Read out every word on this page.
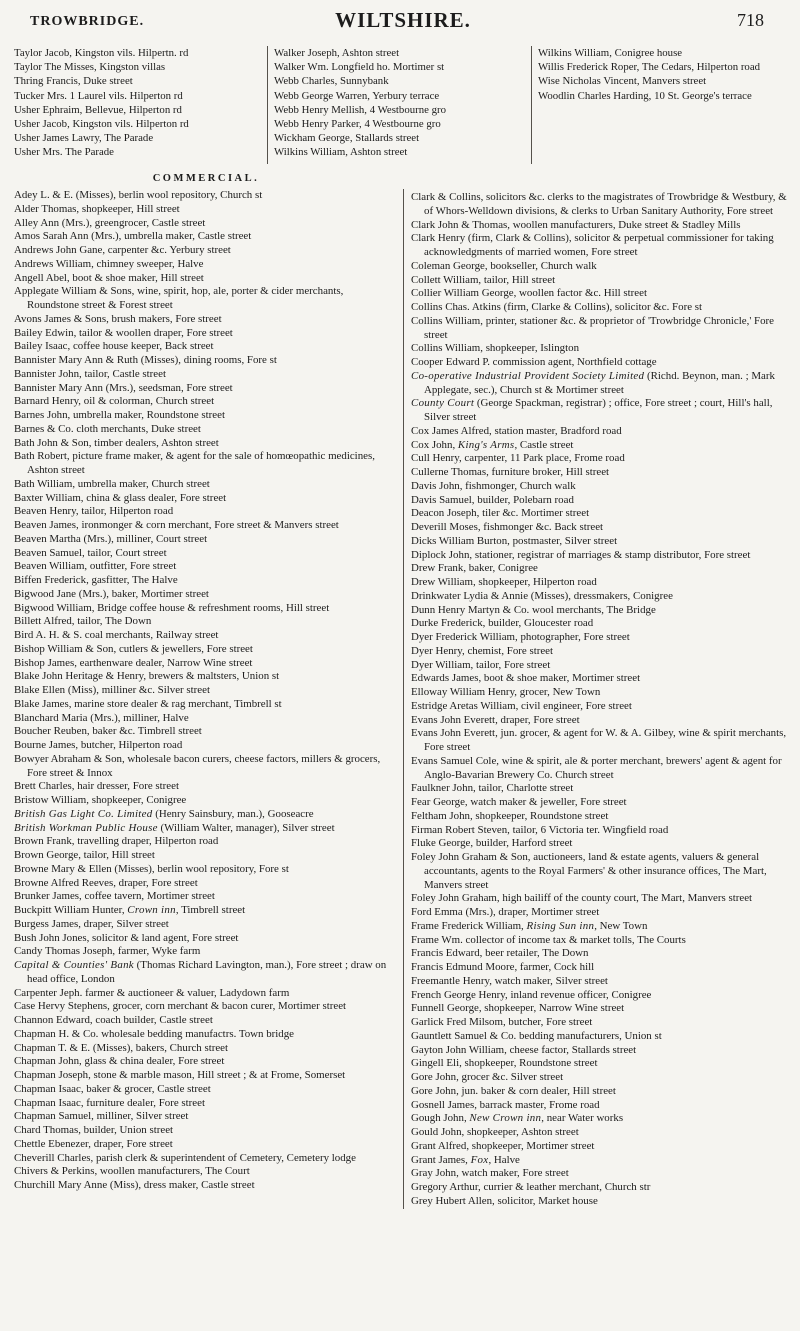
TROWBRIDGE.	WILTSHIRE.	718
Taylor Jacob, Kingston vils. Hilpertn. rd
Taylor The Misses, Kingston villas
Thring Francis, Duke street
Tucker Mrs. 1 Laurel vils. Hilperton rd
Usher Ephraim, Bellevue, Hilperton rd
Usher Jacob, Kingston vils. Hilperton rd
Usher James Lawry, The Parade
Usher Mrs. The Parade
Walker Joseph, Ashton street
Walker Wm. Longfield ho. Mortimer st
Webb Charles, Sunnybank
Webb George Warren, Yerbury terrace
Webb Henry Mellish, 4 Westbourne gro
Webb Henry Parker, 4 Westbourne gro
Wickham George, Stallards street
Wilkins William, Ashton street
Wilkins William, Conigree house
Willis Frederick Roper, The Cedars, Hilperton road
Wise Nicholas Vincent, Manvers street
Woodlin Charles Harding, 10 St. George's terrace
COMMERCIAL.
Adey L. & E. (Misses), berlin wool repository, Church st
Alder Thomas, shopkeeper, Hill street
Alley Ann (Mrs.), greengrocer, Castle street
Amos Sarah Ann (Mrs.), umbrella maker, Castle street
Andrews John Gane, carpenter &c. Yerbury street
Andrews William, chimney sweeper, Halve
Angell Abel, boot & shoe maker, Hill street
Applegate William & Sons, wine, spirit, hop, ale, porter & cider merchants, Roundstone street & Forest street
Avons James & Sons, brush makers, Fore street
Bailey Edwin, tailor & woollen draper, Fore street
Bailey Isaac, coffee house keeper, Back street
Bannister Mary Ann & Ruth (Misses), dining rooms, Fore st
Bannister John, tailor, Castle street
Bannister Mary Ann (Mrs.), seedsman, Fore street
Barnard Henry, oil & colorman, Church street
Barnes John, umbrella maker, Roundstone street
Barnes & Co. cloth merchants, Duke street
Bath John & Son, timber dealers, Ashton street
Bath Robert, picture frame maker, & agent for the sale of homœopathic medicines, Ashton street
Bath William, umbrella maker, Church street
Baxter William, china & glass dealer, Fore street
Beaven Henry, tailor, Hilperton road
Beaven James, ironmonger & corn merchant, Fore street & Manvers street
Beaven Martha (Mrs.), milliner, Court street
Beaven Samuel, tailor, Court street
Beaven William, outfitter, Fore street
Biffen Frederick, gasfitter, The Halve
Bigwood Jane (Mrs.), baker, Mortimer street
Bigwood William, Bridge coffee house & refreshment rooms, Hill street
Billett Alfred, tailor, The Down
Bird A. H. & S. coal merchants, Railway street
Bishop William & Son, cutlers & jewellers, Fore street
Bishop James, earthenware dealer, Narrow Wine street
Blake John Heritage & Henry, brewers & maltsters, Union st
Blake Ellen (Miss), milliner &c. Silver street
Blake James, marine store dealer & rag merchant, Timbrell st
Blanchard Maria (Mrs.), milliner, Halve
Boucher Reuben, baker &c. Timbrell street
Bourne James, butcher, Hilperton road
Bowyer Abraham & Son, wholesale bacon curers, cheese factors, millers & grocers, Fore street & Innox
Brett Charles, hair dresser, Fore street
Bristow William, shopkeeper, Conigree
British Gas Light Co. Limited (Henry Sainsbury, man.), Gooseacre
British Workman Public House (William Walter, manager), Silver street
Brown Frank, travelling draper, Hilperton road
Brown George, tailor, Hill street
Browne Mary & Ellen (Misses), berlin wool repository, Fore st
Browne Alfred Reeves, draper, Fore street
Brunker James, coffee tavern, Mortimer street
Buckpitt William Hunter, Crown inn, Timbrell street
Burgess James, draper, Silver street
Bush John Jones, solicitor & land agent, Fore street
Candy Thomas Joseph, farmer, Wyke farm
Capital & Counties' Bank (Thomas Richard Lavington, man.), Fore street ; draw on head office, London
Carpenter Jeph. farmer & auctioneer & valuer, Ladydown farm
Case Hervy Stephens, grocer, corn merchant & bacon curer, Mortimer street
Channon Edward, coach builder, Castle street
Chapman H. & Co. wholesale bedding manufactrs. Town bridge
Chapman T. & E. (Misses), bakers, Church street
Chapman John, glass & china dealer, Fore street
Chapman Joseph, stone & marble mason, Hill street ; & at Frome, Somerset
Chapman Isaac, baker & grocer, Castle street
Chapman Isaac, furniture dealer, Fore street
Chapman Samuel, milliner, Silver street
Chard Thomas, builder, Union street
Chettle Ebenezer, draper, Fore street
Cheverill Charles, parish clerk & superintendent of Cemetery, Cemetery lodge
Chivers & Perkins, woollen manufacturers, The Court
Churchill Mary Anne (Miss), dress maker, Castle street
Clark & Collins, solicitors &c. clerks to the magistrates of Trowbridge & Westbury, & of Whors-Welldown divisions, & clerks to Urban Sanitary Authority, Fore street
Clark John & Thomas, woollen manufacturers, Duke street & Stadley Mills
Clark Henry (firm, Clark & Collins), solicitor & perpetual commissioner for taking acknowledgments of married women, Fore street
Coleman George, bookseller, Church walk
Collett William, tailor, Hill street
Collier William George, woollen factor &c. Hill street
Collins Chas. Atkins (firm, Clarke & Collins), solicitor &c. Fore st
Collins William, printer, stationer &c. & proprietor of 'Trowbridge Chronicle,' Fore street
Collins William, shopkeeper, Islington
Cooper Edward P. commission agent, Northfield cottage
Co-operative Industrial Provident Society Limited (Richd. Beynon, man. ; Mark Applegate, sec.), Church st & Mortimer street
County Court (George Spackman, registrar) ; office, Fore street ; court, Hill's hall, Silver street
Cox James Alfred, station master, Bradford road
Cox John, King's Arms, Castle street
Cull Henry, carpenter, 11 Park place, Frome road
Cullerne Thomas, furniture broker, Hill street
Davis John, fishmonger, Church walk
Davis Samuel, builder, Polebarn road
Deacon Joseph, tiler &c. Mortimer street
Deverill Moses, fishmonger &c. Back street
Dicks William Burton, postmaster, Silver street
Diplock John, stationer, registrar of marriages & stamp distributor, Fore street
Drew Frank, baker, Conigree
Drew William, shopkeeper, Hilperton road
Drinkwater Lydia & Annie (Misses), dressmakers, Conigree
Dunn Henry Martyn & Co. wool merchants, The Bridge
Durke Frederick, builder, Gloucester road
Dyer Frederick William, photographer, Fore street
Dyer Henry, chemist, Fore street
Dyer William, tailor, Fore street
Edwards James, boot & shoe maker, Mortimer street
Elloway William Henry, grocer, New Town
Estridge Aretas William, civil engineer, Fore street
Evans John Everett, draper, Fore street
Evans John Everett, jun. grocer, & agent for W. & A. Gilbey, wine & spirit merchants, Fore street
Evans Samuel Cole, wine & spirit, ale & porter merchant, brewers' agent & agent for Anglo-Bavarian Brewery Co. Church street
Faulkner John, tailor, Charlotte street
Fear George, watch maker & jeweller, Fore street
Feltham John, shopkeeper, Roundstone street
Firman Robert Steven, tailor, 6 Victoria ter. Wingfield road
Fluke George, builder, Harford street
Foley John Graham & Son, auctioneers, land & estate agents, valuers & general accountants, agents to the Royal Farmers' & other insurance offices, The Mart, Manvers street
Foley John Graham, high bailiff of the county court, The Mart, Manvers street
Ford Emma (Mrs.), draper, Mortimer street
Frame Frederick William, Rising Sun inn, New Town
Frame Wm. collector of income tax & market tolls, The Courts
Francis Edward, beer retailer, The Down
Francis Edmund Moore, farmer, Cock hill
Freemantle Henry, watch maker, Silver street
French George Henry, inland revenue officer, Conigree
Funnell George, shopkeeper, Narrow Wine street
Garlick Fred Milsom, butcher, Fore street
Gauntlett Samuel & Co. bedding manufacturers, Union st
Gayton John William, cheese factor, Stallards street
Gingell Eli, shopkeeper, Roundstone street
Gore John, grocer &c. Silver street
Gore John, jun. baker & corn dealer, Hill street
Gosnell James, barrack master, Frome road
Gough John, New Crown inn, near Water works
Gould John, shopkeeper, Ashton street
Grant Alfred, shopkeeper, Mortimer street
Grant James, Fox, Halve
Gray John, watch maker, Fore street
Gregory Arthur, currier & leather merchant, Church str
Grey Hubert Allen, solicitor, Market house
